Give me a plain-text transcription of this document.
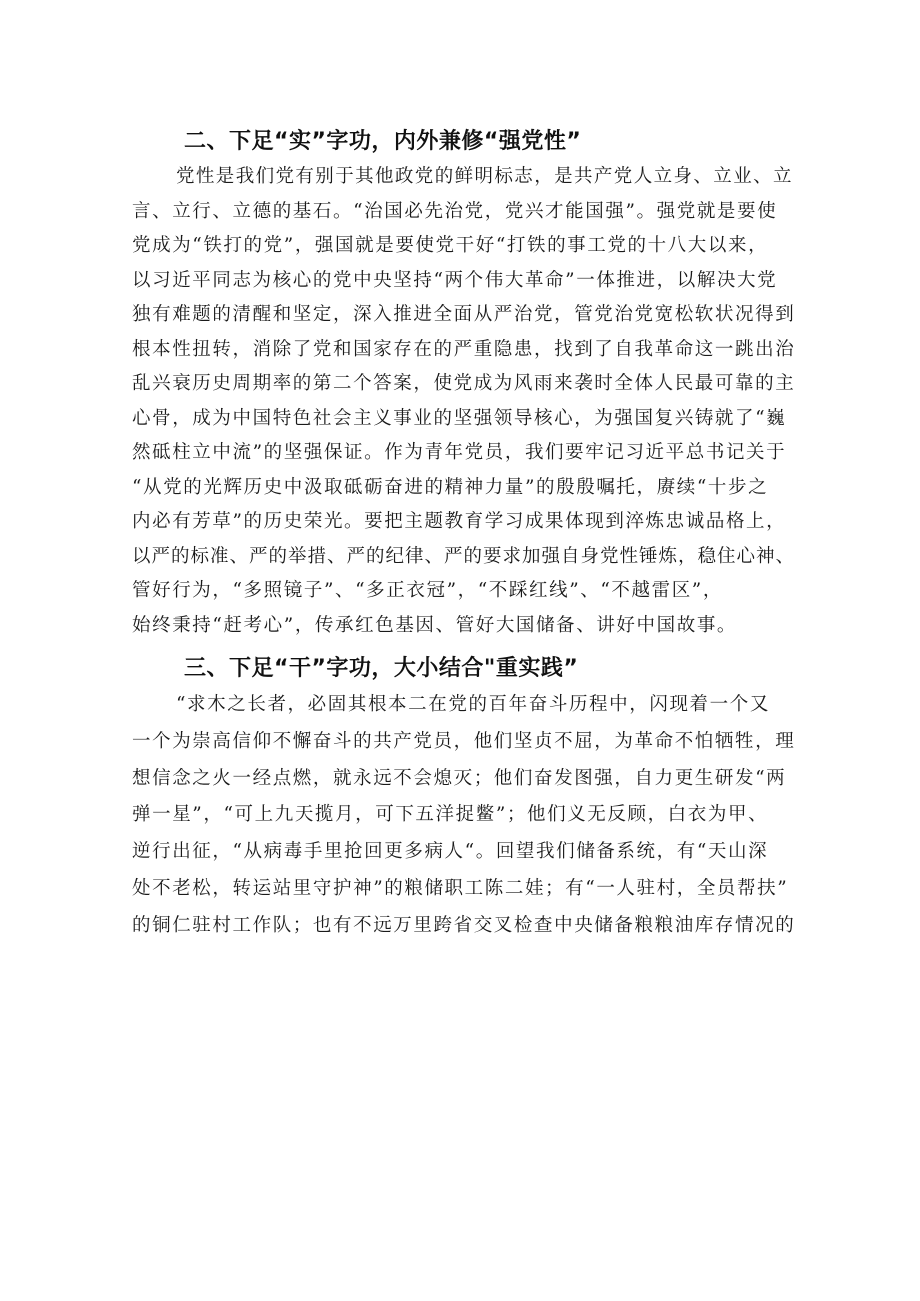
二、下足“实”字功，内外兼修“强党性”
党性是我们党有别于其他政党的鲜明标志，是共产党人立身、立业、立
言、立行、立德的基石。“治国必先治党，党兴才能国强”。强党就是要使
党成为“铁打的党”，强国就是要使党干好“打铁的事工党的十八大以来，
以习近平同志为核心的党中央坚持“两个伟大革命”一体推进，以解决大党
独有难题的清醒和坚定，深入推进全面从严治党，管党治党宽松软状况得到
根本性扭转，消除了党和国家存在的严重隐患，找到了自我革命这一跳出治
乱兴衰历史周期率的第二个答案，使党成为风雨来袭时全体人民最可靠的主
心骨，成为中国特色社会主义事业的坚强领导核心，为强国复兴铸就了“巍
然砥柱立中流”的坚强保证。作为青年党员，我们要牢记习近平总书记关于
“从党的光辉历史中汲取砥砺奋进的精神力量”的殷殷嘱托，赓续“十步之
内必有芳草”的历史荣光。要把主题教育学习成果体现到淬炼忠诚品格上，
以严的标准、严的举措、严的纪律、严的要求加强自身党性锤炼，稳住心神、
管好行为，“多照镜子”、“多正衣冠”，“不踩红线”、“不越雷区”，
始终秉持“赶考心”，传承红色基因、管好大国储备、讲好中国故事。
三、下足“干”字功，大小结合"重实践”
“求木之长者，必固其根本二在党的百年奋斗历程中，闪现着一个又
一个为崇高信仰不懈奋斗的共产党员，他们坚贞不屈，为革命不怕牺牲，理
想信念之火一经点燃，就永远不会熄灭；他们奋发图强，自力更生研发“两
弹一星”，“可上九天揽月，可下五洋捉鳖”；他们义无反顾，白衣为甲、
逆行出征，“从病毒手里抢回更多病人“。回望我们储备系统，有“天山深
处不老松，转运站里守护神”的粮储职工陈二娃；有“一人驻村，全员帮扶”
的铜仁驻村工作队；也有不远万里跨省交叉检查中央储备粮粮油库存情况的
